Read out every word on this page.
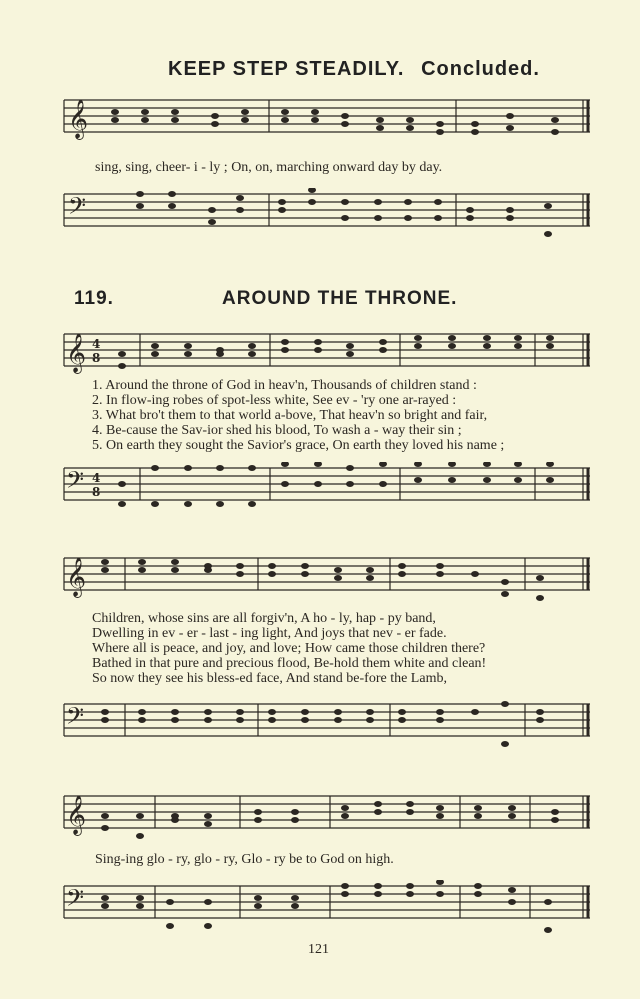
KEEP STEP STEADILY. Concluded.
𝄞
sing, sing, cheer- i - ly ; On, on, marching onward day by day.
𝄢
119.	AROUND THE THRONE.
𝄞 4
8
1. Around the throne of God in heav'n, Thousands of children stand :
2. In flow-ing robes of spot-less white, See ev - 'ry one ar-rayed :
3. What bro't them to that world a-bove, That heav'n so bright and fair,
4. Be-cause the Sav-ior shed his blood, To wash a - way their sin ;
5. On earth they sought the Savior's grace, On earth they loved his name ;
𝄢 4
8
𝄞
Children, whose sins are all forgiv'n, A ho - ly, hap - py band,
Dwelling in ev - er - last - ing light, And joys that nev - er fade.
Where all is peace, and joy, and love; How came those children there?
Bathed in that pure and precious flood, Be-hold them white and clean!
So now they see his bless-ed face, And stand be-fore the Lamb,
𝄢
𝄞
Sing-ing glo - ry, glo - ry, Glo - ry be to God on high.
𝄢
121
